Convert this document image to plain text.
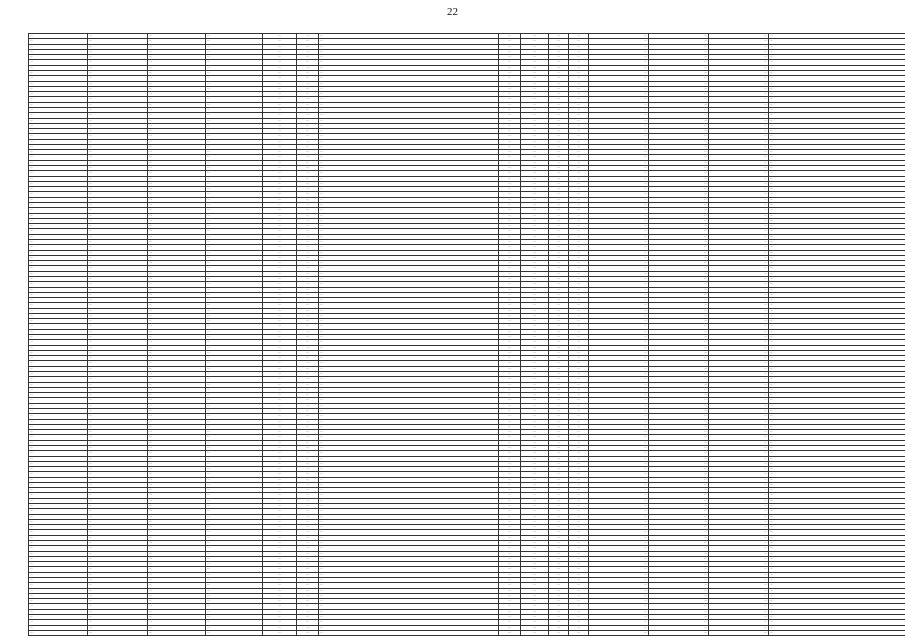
22
…	…	…	…	…	…	…	…	…	…	…	…	…	…	…
…	…	…	…	…	…	…	…	…	…	…	…	…	…	…
…	…	…	…	…	…	…	…	…	…	…	…	…	…	…
…	…	…	…	…	…	…	…	…	…	…	…	…	…	…
…	…	…	…	…	…	…	…	…	…	…	…	…	…	…
…	…	…	…	…	…	…	…	…	…	…	…	…	…	…
…	…	…	…	…	…	…	…	…	…	…	…	…	…	…
…	…	…	…	…	…	…	…	…	…	…	…	…	…	…
…	…	…	…	…	…	…	…	…	…	…	…	…	…	…
…	…	…	…	…	…	…	…	…	…	…	…	…	…	…
…	…	…	…	…	…	…	…	…	…	…	…	…	…	…
…	…	…	…	…	…	…	…	…	…	…	…	…	…	…
…	…	…	…	…	…	…	…	…	…	…	…	…	…	…
…	…	…	…	…	…	…	…	…	…	…	…	…	…	…
…	…	…	…	…	…	…	…	…	…	…	…	…	…	…
…	…	…	…	…	…	…	…	…	…	…	…	…	…	…
…	…	…	…	…	…	…	…	…	…	…	…	…	…	…
…	…	…	…	…	…	…	…	…	…	…	…	…	…	…
…	…	…	…	…	…	…	…	…	…	…	…	…	…	…
…	…	…	…	…	…	…	…	…	…	…	…	…	…	…
…	…	…	…	…	…	…	…	…	…	…	…	…	…	…
…	…	…	…	…	…	…	…	…	…	…	…	…	…	…
…	…	…	…	…	…	…	…	…	…	…	…	…	…	…
…	…	…	…	…	…	…	…	…	…	…	…	…	…	…
…	…	…	…	…	…	…	…	…	…	…	…	…	…	…
…	…	…	…	…	…	…	…	…	…	…	…	…	…	…
…	…	…	…	…	…	…	…	…	…	…	…	…	…	…
…	…	…	…	…	…	…	…	…	…	…	…	…	…	…
…	…	…	…	…	…	…	…	…	…	…	…	…	…	…
…	…	…	…	…	…	…	…	…	…	…	…	…	…	…
…	…	…	…	…	…	…	…	…	…	…	…	…	…	…
…	…	…	…	…	…	…	…	…	…	…	…	…	…	…
…	…	…	…	…	…	…	…	…	…	…	…	…	…	…
…	…	…	…	…	…	…	…	…	…	…	…	…	…	…
…	…	…	…	…	…	…	…	…	…	…	…	…	…	…
…	…	…	…	…	…	…	…	…	…	…	…	…	…	…
…	…	…	…	…	…	…	…	…	…	…	…	…	…	…
…	…	…	…	…	…	…	…	…	…	…	…	…	…	…
…	…	…	…	…	…	…	…	…	…	…	…	…	…	…
…	…	…	…	…	…	…	…	…	…	…	…	…	…	…
…	…	…	…	…	…	…	…	…	…	…	…	…	…	…
…	…	…	…	…	…	…	…	…	…	…	…	…	…	…
…	…	…	…	…	…	…	…	…	…	…	…	…	…	…
…	…	…	…	…	…	…	…	…	…	…	…	…	…	…
…	…	…	…	…	…	…	…	…	…	…	…	…	…	…
…	…	…	…	…	…	…	…	…	…	…	…	…	…	…
…	…	…	…	…	…	…	…	…	…	…	…	…	…	…
…	…	…	…	…	…	…	…	…	…	…	…	…	…	…
…	…	…	…	…	…	…	…	…	…	…	…	…	…	…
…	…	…	…	…	…	…	…	…	…	…	…	…	…	…
…	…	…	…	…	…	…	…	…	…	…	…	…	…	…
…	…	…	…	…	…	…	…	…	…	…	…	…	…	…
…	…	…	…	…	…	…	…	…	…	…	…	…	…	…
…	…	…	…	…	…	…	…	…	…	…	…	…	…	…
…	…	…	…	…	…	…	…	…	…	…	…	…	…	…
…	…	…	…	…	…	…	…	…	…	…	…	…	…	…
…	…	…	…	…	…	…	…	…	…	…	…	…	…	…
…	…	…	…	…	…	…	…	…	…	…	…	…	…	…
…	…	…	…	…	…	…	…	…	…	…	…	…	…	…
…	…	…	…	…	…	…	…	…	…	…	…	…	…	…
…	…	…	…	…	…	…	…	…	…	…	…	…	…	…
…	…	…	…	…	…	…	…	…	…	…	…	…	…	…
…	…	…	…	…	…	…	…	…	…	…	…	…	…	…
…	…	…	…	…	…	…	…	…	…	…	…	…	…	…
…	…	…	…	…	…	…	…	…	…	…	…	…	…	…
…	…	…	…	…	…	…	…	…	…	…	…	…	…	…
…	…	…	…	…	…	…	…	…	…	…	…	…	…	…
…	…	…	…	…	…	…	…	…	…	…	…	…	…	…
…	…	…	…	…	…	…	…	…	…	…	…	…	…	…
…	…	…	…	…	…	…	…	…	…	…	…	…	…	…
…	…	…	…	…	…	…	…	…	…	…	…	…	…	…
…	…	…	…	…	…	…	…	…	…	…	…	…	…	…
…	…	…	…	…	…	…	…	…	…	…	…	…	…	…
…	…	…	…	…	…	…	…	…	…	…	…	…	…	…
…	…	…	…	…	…	…	…	…	…	…	…	…	…	…
…	…	…	…	…	…	…	…	…	…	…	…	…	…	…
…	…	…	…	…	…	…	…	…	…	…	…	…	…	…
…	…	…	…	…	…	…	…	…	…	…	…	…	…	…
…	…	…	…	…	…	…	…	…	…	…	…	…	…	…
…	…	…	…	…	…	…	…	…	…	…	…	…	…	…
…	…	…	…	…	…	…	…	…	…	…	…	…	…	…
…	…	…	…	…	…	…	…	…	…	…	…	…	…	…
…	…	…	…	…	…	…	…	…	…	…	…	…	…	…
…	…	…	…	…	…	…	…	…	…	…	…	…	…	…
…	…	…	…	…	…	…	…	…	…	…	…	…	…	…
…	…	…	…	…	…	…	…	…	…	…	…	…	…	…
…	…	…	…	…	…	…	…	…	…	…	…	…	…	…
…	…	…	…	…	…	…	…	…	…	…	…	…	…	…
…	…	…	…	…	…	…	…	…	…	…	…	…	…	…
…	…	…	…	…	…	…	…	…	…	…	…	…	…	…
…	…	…	…	…	…	…	…	…	…	…	…	…	…	…
…	…	…	…	…	…	…	…	…	…	…	…	…	…	…
…	…	…	…	…	…	…	…	…	…	…	…	…	…	…
…	…	…	…	…	…	…	…	…	…	…	…	…	…	…
…	…	…	…	…	…	…	…	…	…	…	…	…	…	…
…	…	…	…	…	…	…	…	…	…	…	…	…	…	…
…	…	…	…	…	…	…	…	…	…	…	…	…	…	…
…	…	…	…	…	…	…	…	…	…	…	…	…	…	…
…	…	…	…	…	…	…	…	…	…	…	…	…	…	…
…	…	…	…	…	…	…	…	…	…	…	…	…	…	…
…	…	…	…	…	…	…	…	…	…	…	…	…	…	…
…	…	…	…	…	…	…	…	…	…	…	…	…	…	…
…	…	…	…	…	…	…	…	…	…	…	…	…	…	…
…	…	…	…	…	…	…	…	…	…	…	…	…	…	…
…	…	…	…	…	…	…	…	…	…	…	…	…	…	…
…	…	…	…	…	…	…	…	…	…	…	…	…	…	…
…	…	…	…	…	…	…	…	…	…	…	…	…	…	…
…	…	…	…	…	…	…	…	…	…	…	…	…	…	…
…	…	…	…	…	…	…	…	…	…	…	…	…	…	…
…	…	…	…	…	…	…	…	…	…	…	…	…	…	…
…	…	…	…	…	…	…	…	…	…	…	…	…	…	…
…	…	…	…	…	…	…	…	…	…	…	…	…	…	…
…	…	…	…	…	…	…	…	…	…	…	…	…	…	…
…	…	…	…	…	…	…	…	…	…	…	…	…	…	…
